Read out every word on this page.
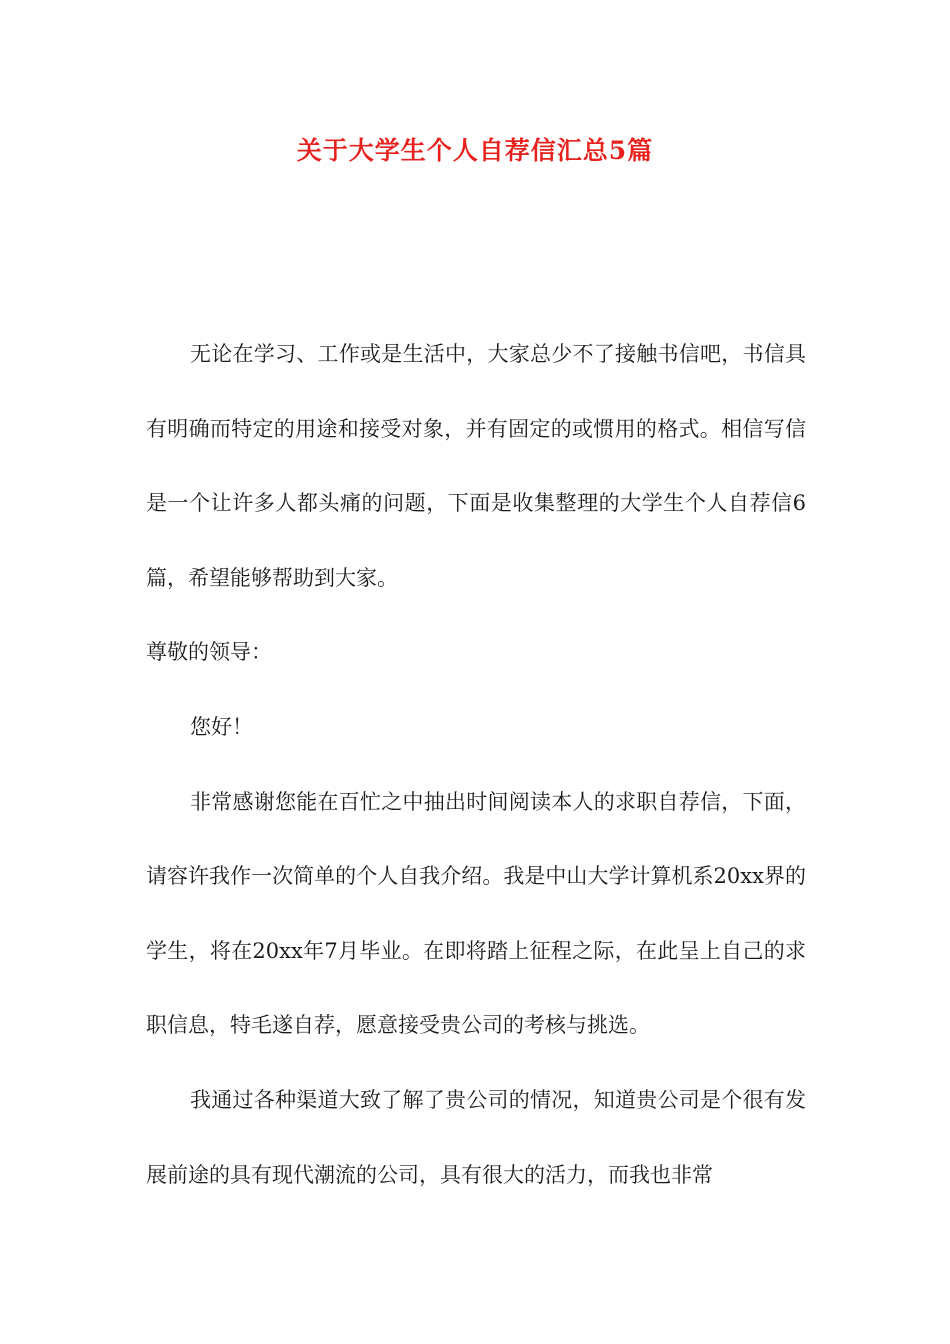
关于大学生个人自荐信汇总5篇

无论在学习、工作或是生活中，大家总少不了接触书信吧，书信具有明确而特定的用途和接受对象，并有固定的或惯用的格式。相信写信是一个让许多人都头痛的问题，下面是收集整理的大学生个人自荐信6篇，希望能够帮助到大家。

尊敬的领导：

您好！

非常感谢您能在百忙之中抽出时间阅读本人的求职自荐信，下面，请容许我作一次简单的个人自我介绍。我是中山大学计算机系20xx界的学生，将在20xx年7月毕业。在即将踏上征程之际，在此呈上自己的求职信息，特毛遂自荐，愿意接受贵公司的考核与挑选。

我通过各种渠道大致了解了贵公司的情况，知道贵公司是个很有发展前途的具有现代潮流的公司，具有很大的活力，而我也非常
